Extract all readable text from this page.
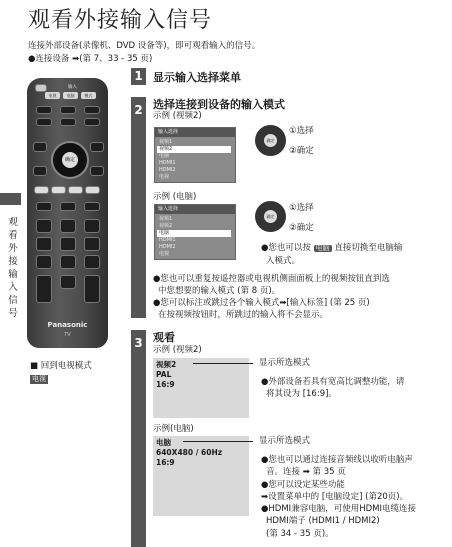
观看外接输入信号
连接外部设备(录像机、DVD 设备等)，即可观看输入的信号。
●连接设备 ➡(第 7、33 - 35 页)
观看外接输入信号
输入
电视	电脑	模式
确定
Panasonic
TV
■ 回到电视模式
电视
1 显示输入选择菜单
2 选择连接到设备的输入模式
示例 (视频2)
输入选择
视频1
视频2
电脑
HDMI1
HDMI2
电视
确定
①选择
②确定
示例 (电脑)
输入选择
视频1
视频2
电脑
HDMI1
HDMI2
电视
确定
①选择
②确定
●您也可以按 电脑 直接切换至电脑输
入模式。
●您也可以重复按遥控器或电视机侧面面板上的视频按钮直到选
中您想要的输入模式 (第 8 页)。
●您可以标注或跳过各个输入模式➡[输入标签] (第 25 页)
在按视频按钮时，所跳过的输入将不会显示。
3 观看
示例 (视频2)
视频2
PAL
16:9
显示所选模式
●外部设备若具有宽高比调整功能，请
将其设为 [16:9]。
示例(电脑)
电脑
640X480 / 60Hz
16:9
显示所选模式
●您也可以通过连接音频线以收听电脑声
音。连接 ➡ 第 35 页
●您可以设定某些功能
➡设置菜单中的 [电脑设定] (第20页)。
●HDMI兼容电脑，可使用HDMI电缆连接
HDMI端子 (HDMI1 / HDMI2)
(第 34 - 35 页)。
